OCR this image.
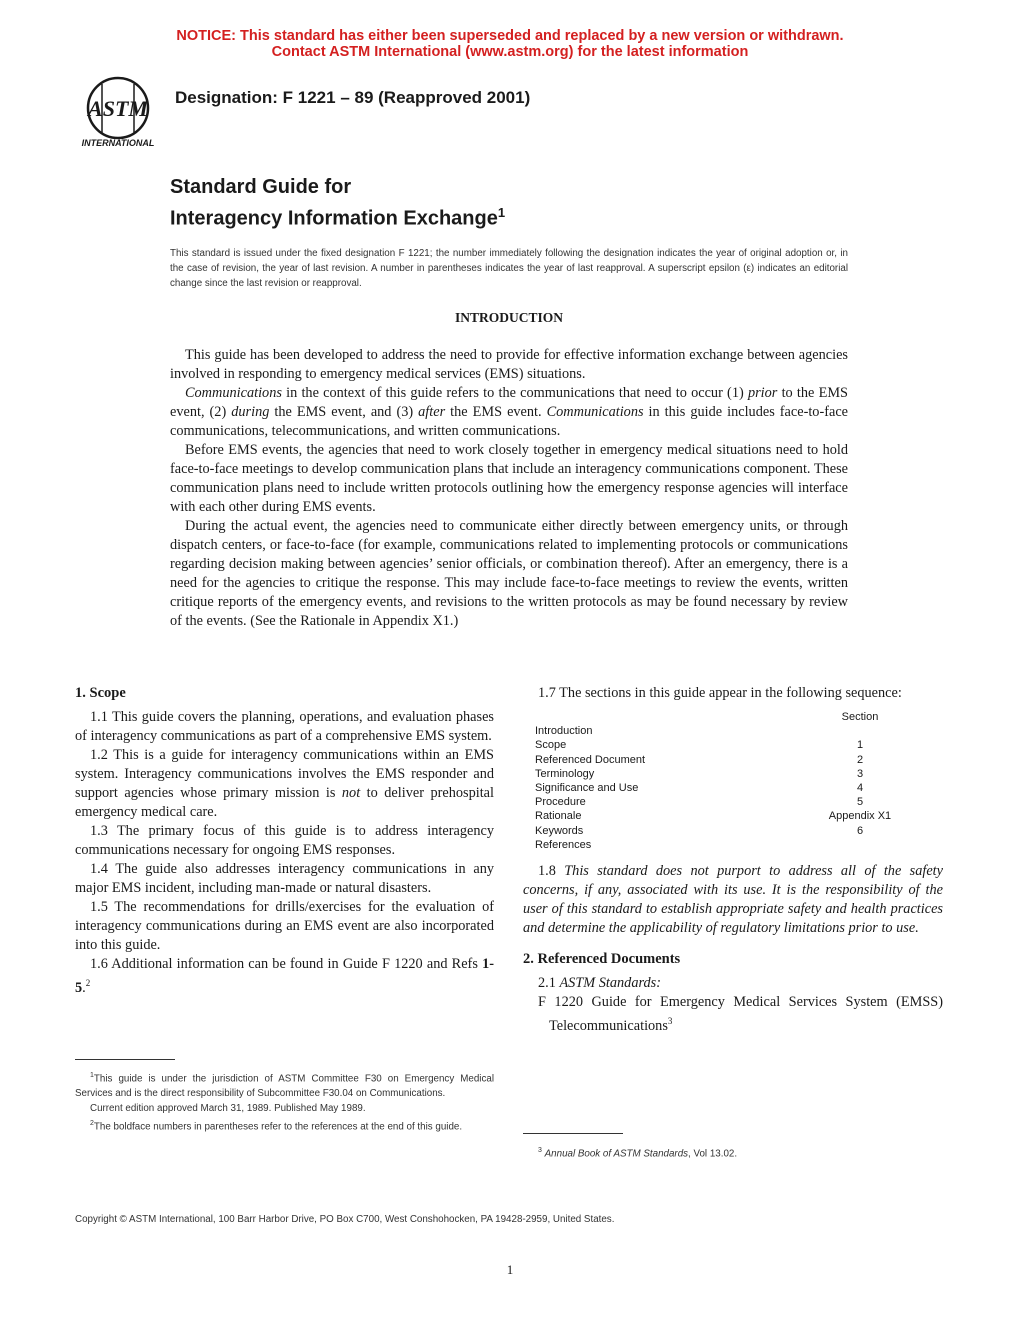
NOTICE: This standard has either been superseded and replaced by a new version or withdrawn.
Contact ASTM International (www.astm.org) for the latest information
ASTM
INTERNATIONAL
Designation: F 1221 – 89 (Reapproved 2001)
Standard Guide for
Interagency Information Exchange$^1$
This standard is issued under the fixed designation F 1221; the number immediately following the designation indicates the year of original adoption or, in the case of revision, the year of last revision. A number in parentheses indicates the year of last reapproval. A superscript epsilon (ε) indicates an editorial change since the last revision or reapproval.
INTRODUCTION

This guide has been developed to address the need to provide for effective information exchange between agencies involved in responding to emergency medical services (EMS) situations.

Communications in the context of this guide refers to the communications that need to occur (1) prior to the EMS event, (2) during the EMS event, and (3) after the EMS event. Communications in this guide includes face-to-face communications, telecommunications, and written communications.

Before EMS events, the agencies that need to work closely together in emergency medical situations need to hold face-to-face meetings to develop communication plans that include an interagency communications component. These communication plans need to include written protocols outlining how the emergency response agencies will interface with each other during EMS events.

During the actual event, the agencies need to communicate either directly between emergency units, or through dispatch centers, or face-to-face (for example, communications related to implementing protocols or communications regarding decision making between agencies’ senior officials, or combination thereof). After an emergency, there is a need for the agencies to critique the response. This may include face-to-face meetings to review the events, written critique reports of the emergency events, and revisions to the written protocols as may be found necessary by review of the events. (See the Rationale in Appendix X1.)

1. Scope

1.1 This guide covers the planning, operations, and evaluation phases of interagency communications as part of a comprehensive EMS system.

1.2 This is a guide for interagency communications within an EMS system. Interagency communications involves the EMS responder and support agencies whose primary mission is not to deliver prehospital emergency medical care.

1.3 The primary focus of this guide is to address interagency communications necessary for ongoing EMS responses.

1.4 The guide also addresses interagency communications in any major EMS incident, including man-made or natural disasters.

1.5 The recommendations for drills/exercises for the evaluation of interagency communications during an EMS event are also incorporated into this guide.

1.6 Additional information can be found in Guide F 1220 and Refs 1-5.$^2$

1.7 The sections in this guide appear in the following sequence:

Section
Introduction
Scope	1
Referenced Document	2
Terminology	3
Significance and Use	4
Procedure	5
Rationale	Appendix X1
Keywords	6
References

1.8 This standard does not purport to address all of the safety concerns, if any, associated with its use. It is the responsibility of the user of this standard to establish appropriate safety and health practices and determine the applicability of regulatory limitations prior to use.

2. Referenced Documents

2.1 ASTM Standards:

F 1220 Guide for Emergency Medical Services System (EMSS) Telecommunications$^3$

$^1$This guide is under the jurisdiction of ASTM Committee F30 on Emergency Medical Services and is the direct responsibility of Subcommittee F30.04 on Communications.

Current edition approved March 31, 1989. Published May 1989.

$^2$The boldface numbers in parentheses refer to the references at the end of this guide.

$^3$ Annual Book of ASTM Standards, Vol 13.02.

Copyright © ASTM International, 100 Barr Harbor Drive, PO Box C700, West Conshohocken, PA 19428-2959, United States.
1
